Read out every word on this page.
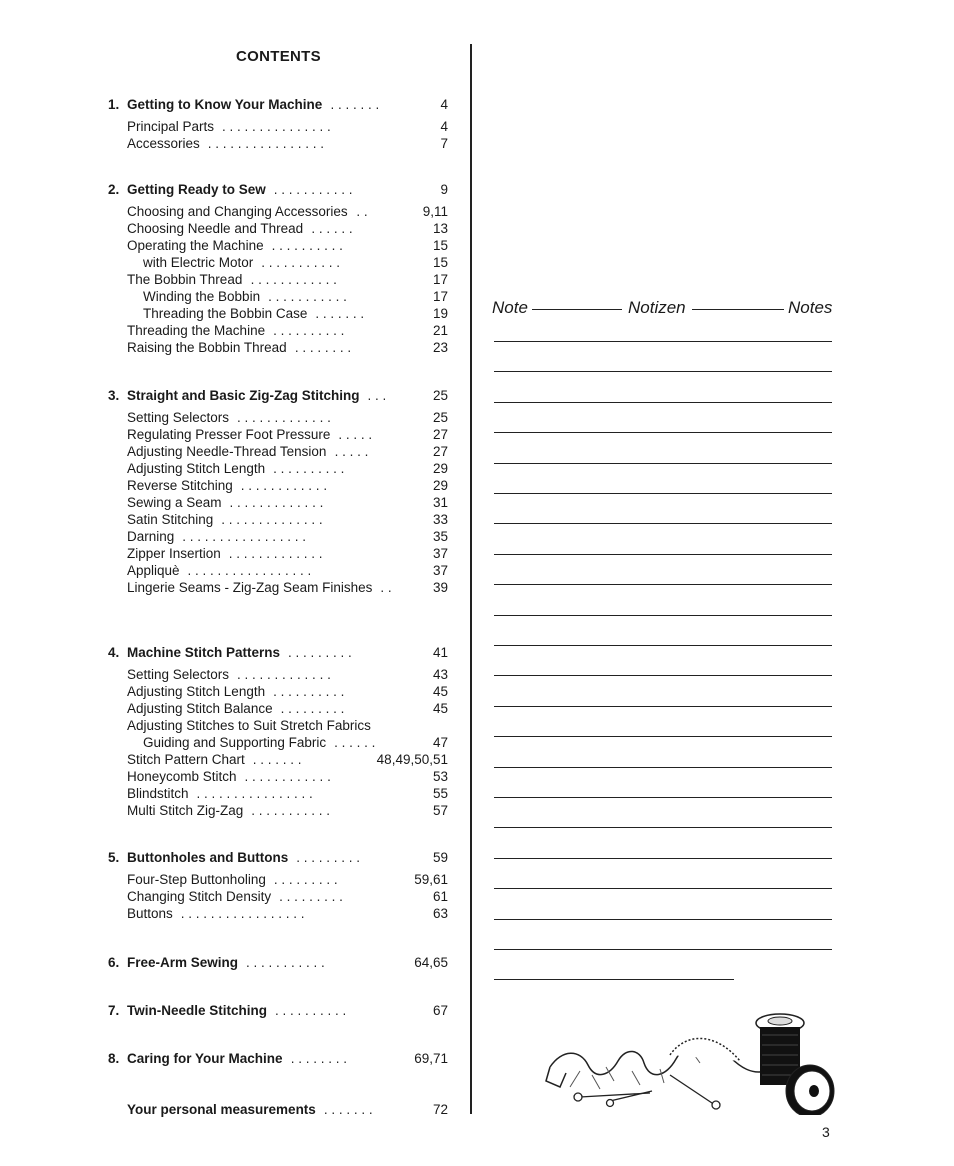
CONTENTS
1. Getting to Know Your Machine . . . . . . .	4
Principal Parts . . . . . . . . . . . . . . .	4
Accessories . . . . . . . . . . . . . . . .	7
2. Getting Ready to Sew . . . . . . . . . . .	9
Choosing and Changing Accessories . .	9,11
Choosing Needle and Thread . . . . . .	13
Operating the Machine . . . . . . . . . .	15
with Electric Motor . . . . . . . . . . .	15
The Bobbin Thread . . . . . . . . . . . .	17
Winding the Bobbin . . . . . . . . . . .	17
Threading the Bobbin Case . . . . . . .	19
Threading the Machine . . . . . . . . . .	21
Raising the Bobbin Thread . . . . . . . .	23
3. Straight and Basic Zig-Zag Stitching . . .	25
Setting Selectors . . . . . . . . . . . . .	25
Regulating Presser Foot Pressure . . . . .	27
Adjusting Needle-Thread Tension . . . . .	27
Adjusting Stitch Length . . . . . . . . . .	29
Reverse Stitching . . . . . . . . . . . .	29
Sewing a Seam . . . . . . . . . . . . .	31
Satin Stitching . . . . . . . . . . . . . .	33
Darning . . . . . . . . . . . . . . . . .	35
Zipper Insertion . . . . . . . . . . . . .	37
Appliquè . . . . . . . . . . . . . . . . .	37
Lingerie Seams - Zig-Zag Seam Finishes . .	39
4. Machine Stitch Patterns . . . . . . . . .	41
Setting Selectors . . . . . . . . . . . . .	43
Adjusting Stitch Length . . . . . . . . . .	45
Adjusting Stitch Balance . . . . . . . . .	45
Adjusting Stitches to Suit Stretch Fabrics
Guiding and Supporting Fabric . . . . . .	47
Stitch Pattern Chart . . . . . . .	48,49,50,51
Honeycomb Stitch . . . . . . . . . . . .	53
Blindstitch . . . . . . . . . . . . . . . .	55
Multi Stitch Zig-Zag . . . . . . . . . . .	57
5. Buttonholes and Buttons . . . . . . . . .	59
Four-Step Buttonholing . . . . . . . . .	59,61
Changing Stitch Density . . . . . . . . .	61
Buttons . . . . . . . . . . . . . . . . .	63
6. Free-Arm Sewing . . . . . . . . . . .	64,65
7. Twin-Needle Stitching . . . . . . . . . .	67
8. Caring for Your Machine . . . . . . . .	69,71
Your personal measurements . . . . . . .	72
Note	Notizen	Notes
3
